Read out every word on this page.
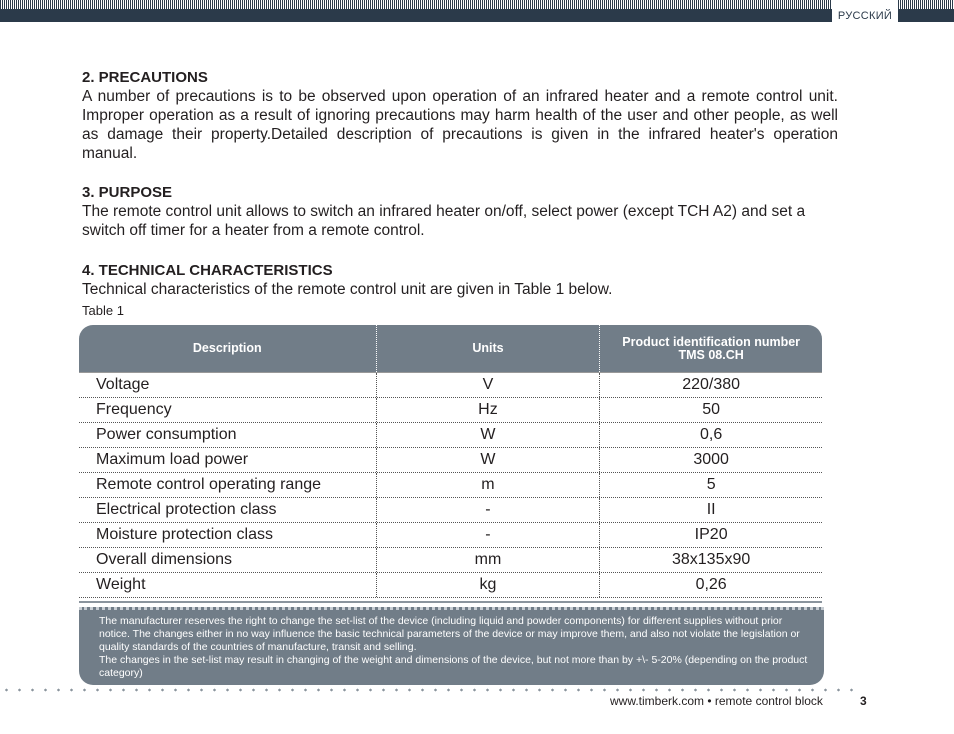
РУССКИЙ
2. PRECAUTIONS

A number of precautions is to be observed upon operation of an infrared heater and a remote control unit. Improper operation as a result of ignoring precautions may harm health of the user and other people, as well as damage their property.Detailed description of precautions is given in the infrared heater's operation manual.

3. PURPOSE

The remote control unit allows to switch an infrared heater on/off, select power (except TCH A2) and set a switch off timer for a heater from a remote control.

4. TECHNICAL CHARACTERISTICS

Technical characteristics of the remote control unit are given in Table 1 below.

Table 1
Description	Units	Product identification number
TMS 08.CH
Voltage	V	220/380
Frequency	Hz	50
Power consumption	W	0,6
Maximum load power	W	3000
Remote control operating range	m	5
Electrical protection class	-	II
Moisture protection class	-	IP20
Overall dimensions	mm	38x135x90
Weight	kg	0,26

The manufacturer reserves the right to change the set-list of the device (including liquid and powder components) for different supplies without prior notice. The changes either in no way influence the basic technical parameters of the device or may improve them, and also not violate the legislation or quality standards of the countries of manufacture, transit and selling.

The changes in the set-list may result in changing of the weight and dimensions of the device, but not more than by +\- 5-20% (depending on the product category)

www.timberk.com • remote control block	3
